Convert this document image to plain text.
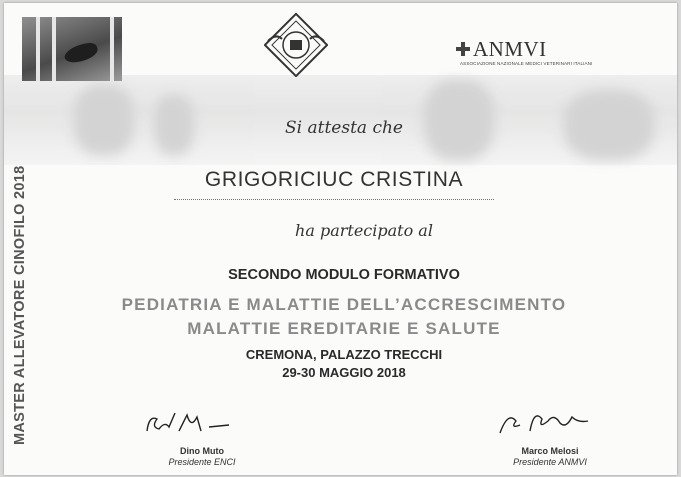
ANMVI
ASSOCIAZIONE NAZIONALE MEDICI VETERINARI ITALIANI
MASTER ALLEVATORE CINOFILO 2018
Si attesta che
GRIGORICIUC CRISTINA
ha partecipato al
SECONDO MODULO FORMATIVO
PEDIATRIA E MALATTIE DELL’ACCRESCIMENTO
MALATTIE EREDITARIE E SALUTE
CREMONA, PALAZZO TRECCHI
29-30 MAGGIO 2018
Dino Muto
Presidente ENCI
Marco Melosi
Presidente ANMVI
